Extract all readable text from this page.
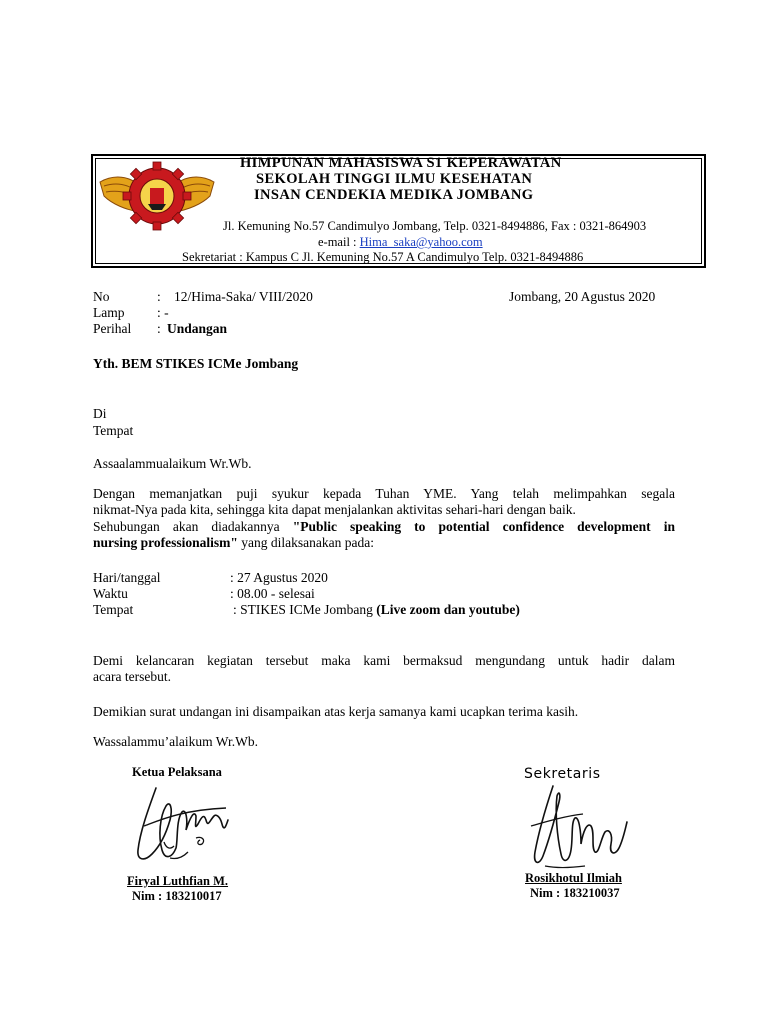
HIMPUNAN MAHASISWA S1 KEPERAWATAN
SEKOLAH TINGGI ILMU KESEHATAN
INSAN CENDEKIA MEDIKA JOMBANG
Jl. Kemuning No.57 Candimulyo Jombang, Telp. 0321-8494886, Fax : 0321-864903
e-mail : Hima_saka@yahoo.com
Sekretariat : Kampus C Jl. Kemuning No.57 A Candimulyo Telp. 0321-8494886
No	: 12/Hima-Saka/ VIII/2020	Jombang, 20 Agustus 2020
Lamp : -
Perihal : Undangan
Yth. BEM STIKES ICMe Jombang
Di
Tempat
Assaalammualaikum Wr.Wb.
Dengan memanjatkan puji syukur kepada Tuhan YME. Yang telah melimpahkan segala
nikmat-Nya pada kita, sehingga kita dapat menjalankan aktivitas sehari-hari dengan baik.
Sehubungan akan diadakannya "Public speaking to potential confidence development in
nursing professionalism" yang dilaksanakan pada:
Hari/tanggal	: 27 Agustus 2020
Waktu	: 08.00 - selesai
Tempat	: STIKES ICMe Jombang (Live zoom dan youtube)
Demi kelancaran kegiatan tersebut maka kami bermaksud mengundang untuk hadir dalam
acara tersebut.
Demikian surat undangan ini disampaikan atas kerja samanya kami ucapkan terima kasih.
Wassalammu’alaikum Wr.Wb.
Ketua Pelaksana
Firyal Luthfian M.
Nim : 183210017
Sekretaris
Rosikhotul Ilmiah
Nim : 183210037
